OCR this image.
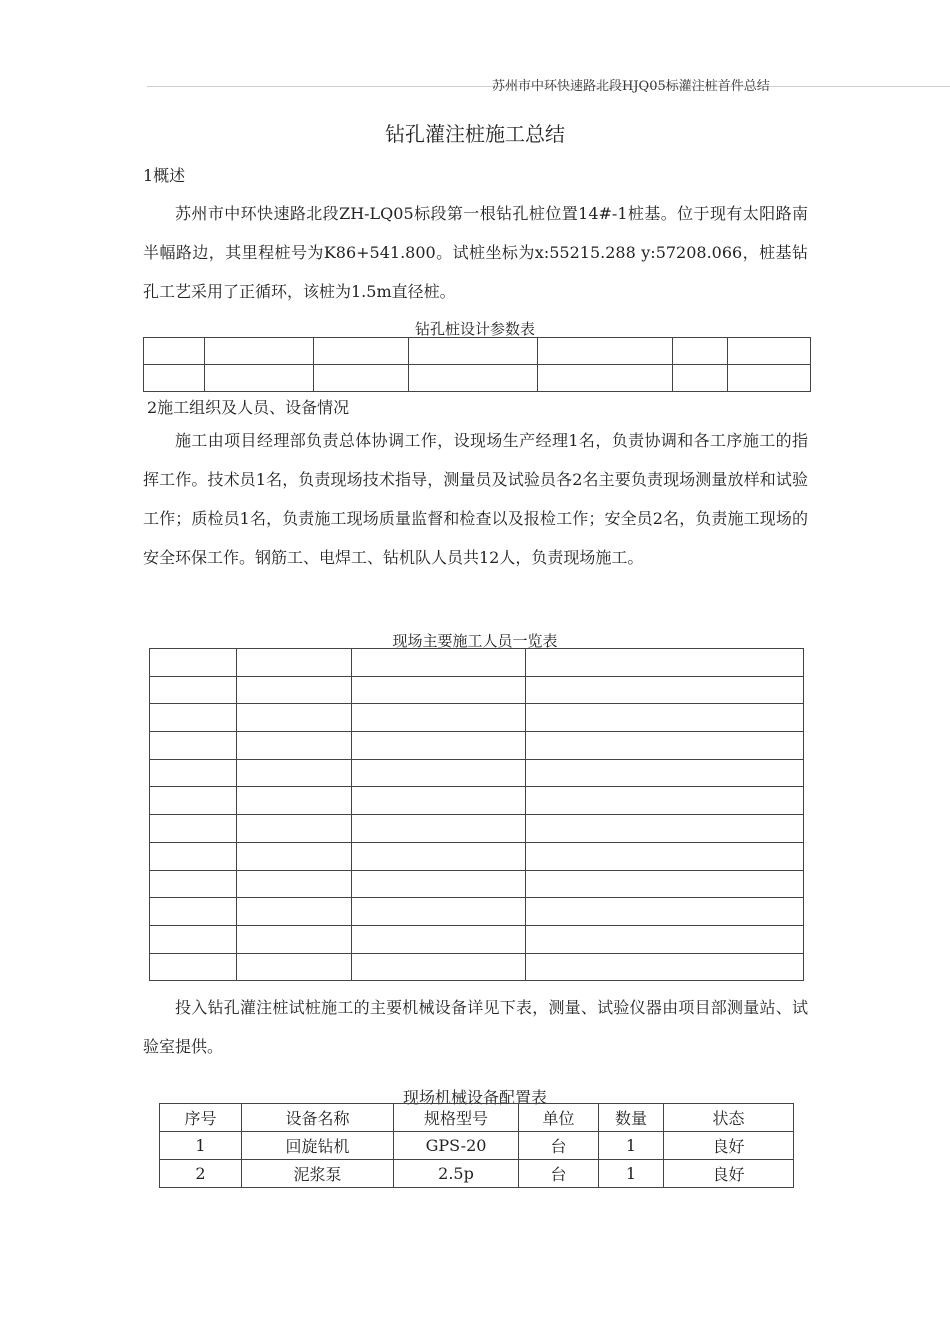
苏州市中环快速路北段HJQ05标灌注桩首件总结
钻孔灌注桩施工总结
1概述
苏州市中环快速路北段ZH-LQ05标段第一根钻孔桩位置14#-1桩基。位于现有太阳路南半幅路边，其里程桩号为K86+541.800。试桩坐标为x:55215.288 y:57208.066，桩基钻孔工艺采用了正循环，该桩为1.5m直径桩。
钻孔桩设计参数表

2施工组织及人员、设备情况
施工由项目经理部负责总体协调工作，设现场生产经理1名，负责协调和各工序施工的指挥工作。技术员1名，负责现场技术指导，测量员及试验员各2名主要负责现场测量放样和试验工作；质检员1名，负责施工现场质量监督和检查以及报检工作；安全员2名，负责施工现场的安全环保工作。钢筋工、电焊工、钻机队人员共12人，负责现场施工。
现场主要施工人员一览表

投入钻孔灌注桩试桩施工的主要机械设备详见下表，测量、试验仪器由项目部测量站、试验室提供。
现场机械设备配置表
序号	设备名称	规格型号	单位	数量	状态
1	回旋钻机	GPS-20	台	1	良好
2	泥浆泵	2.5p	台	1	良好
